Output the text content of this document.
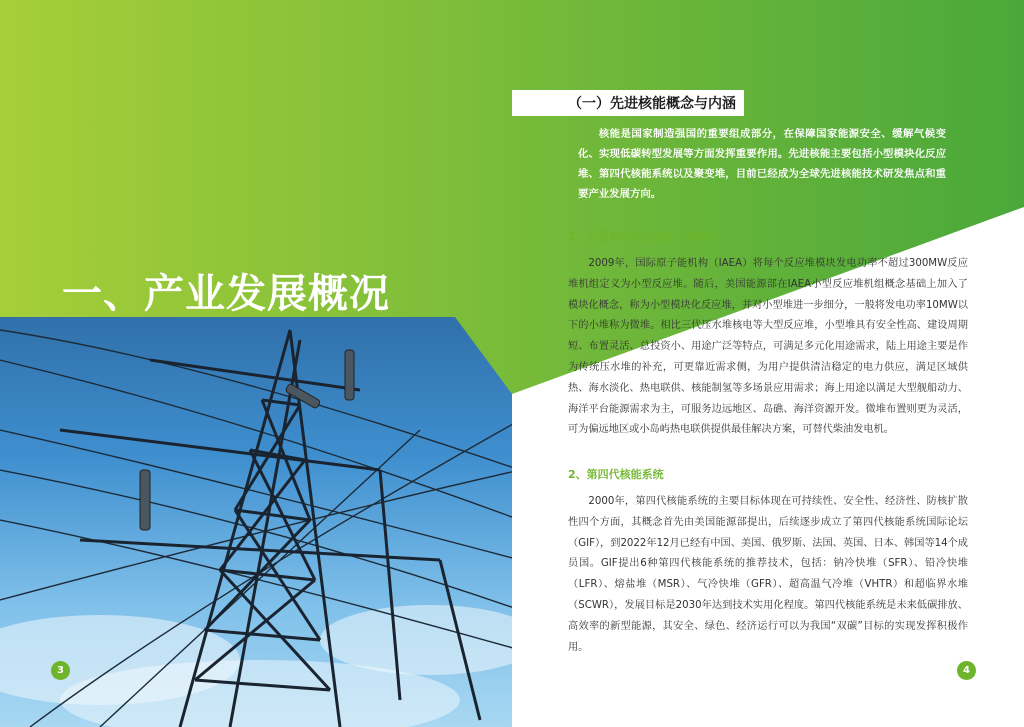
一、产业发展概况
3	4
（一）先进核能概念与内涵

核能是国家制造强国的重要组成部分，在保障国家能源安全、缓解气候变化、实现低碳转型发展等方面发挥重要作用。先进核能主要包括小型模块化反应堆、第四代核能系统以及聚变堆，目前已经成为全球先进核能技术研发焦点和重要产业发展方向。

1、小型模块化反应堆（SMR）

2009年，国际原子能机构（IAEA）将每个反应堆模块发电功率不超过300MW反应堆机组定义为小型反应堆。随后，美国能源部在IAEA小型反应堆机组概念基础上加入了模块化概念，称为小型模块化反应堆，并对小型堆进一步细分，一般将发电功率10MW以下的小堆称为微堆。相比三代压水堆核电等大型反应堆，小型堆具有安全性高、建设周期短、布置灵活、总投资小、用途广泛等特点，可满足多元化用途需求，陆上用途主要是作为传统压水堆的补充，可更靠近需求侧，为用户提供清洁稳定的电力供应，满足区域供热、海水淡化、热电联供、核能制氢等多场景应用需求；海上用途以满足大型舰船动力、海洋平台能源需求为主，可服务边远地区、岛礁、海洋资源开发。微堆布置则更为灵活，可为偏远地区或小岛屿热电联供提供最佳解决方案，可替代柴油发电机。

2、第四代核能系统

2000年，第四代核能系统的主要目标体现在可持续性、安全性、经济性、防核扩散性四个方面，其概念首先由美国能源部提出，后续逐步成立了第四代核能系统国际论坛（GIF），到2022年12月已经有中国、美国、俄罗斯、法国、英国、日本、韩国等14个成员国。GIF提出6种第四代核能系统的推荐技术，包括：钠冷快堆（SFR）、铅冷快堆（LFR）、熔盐堆（MSR）、气冷快堆（GFR）、超高温气冷堆（VHTR）和超临界水堆（SCWR），发展目标是2030年达到技术实用化程度。第四代核能系统是未来低碳排放、高效率的新型能源，其安全、绿色、经济运行可以为我国“双碳”目标的实现发挥积极作用。
